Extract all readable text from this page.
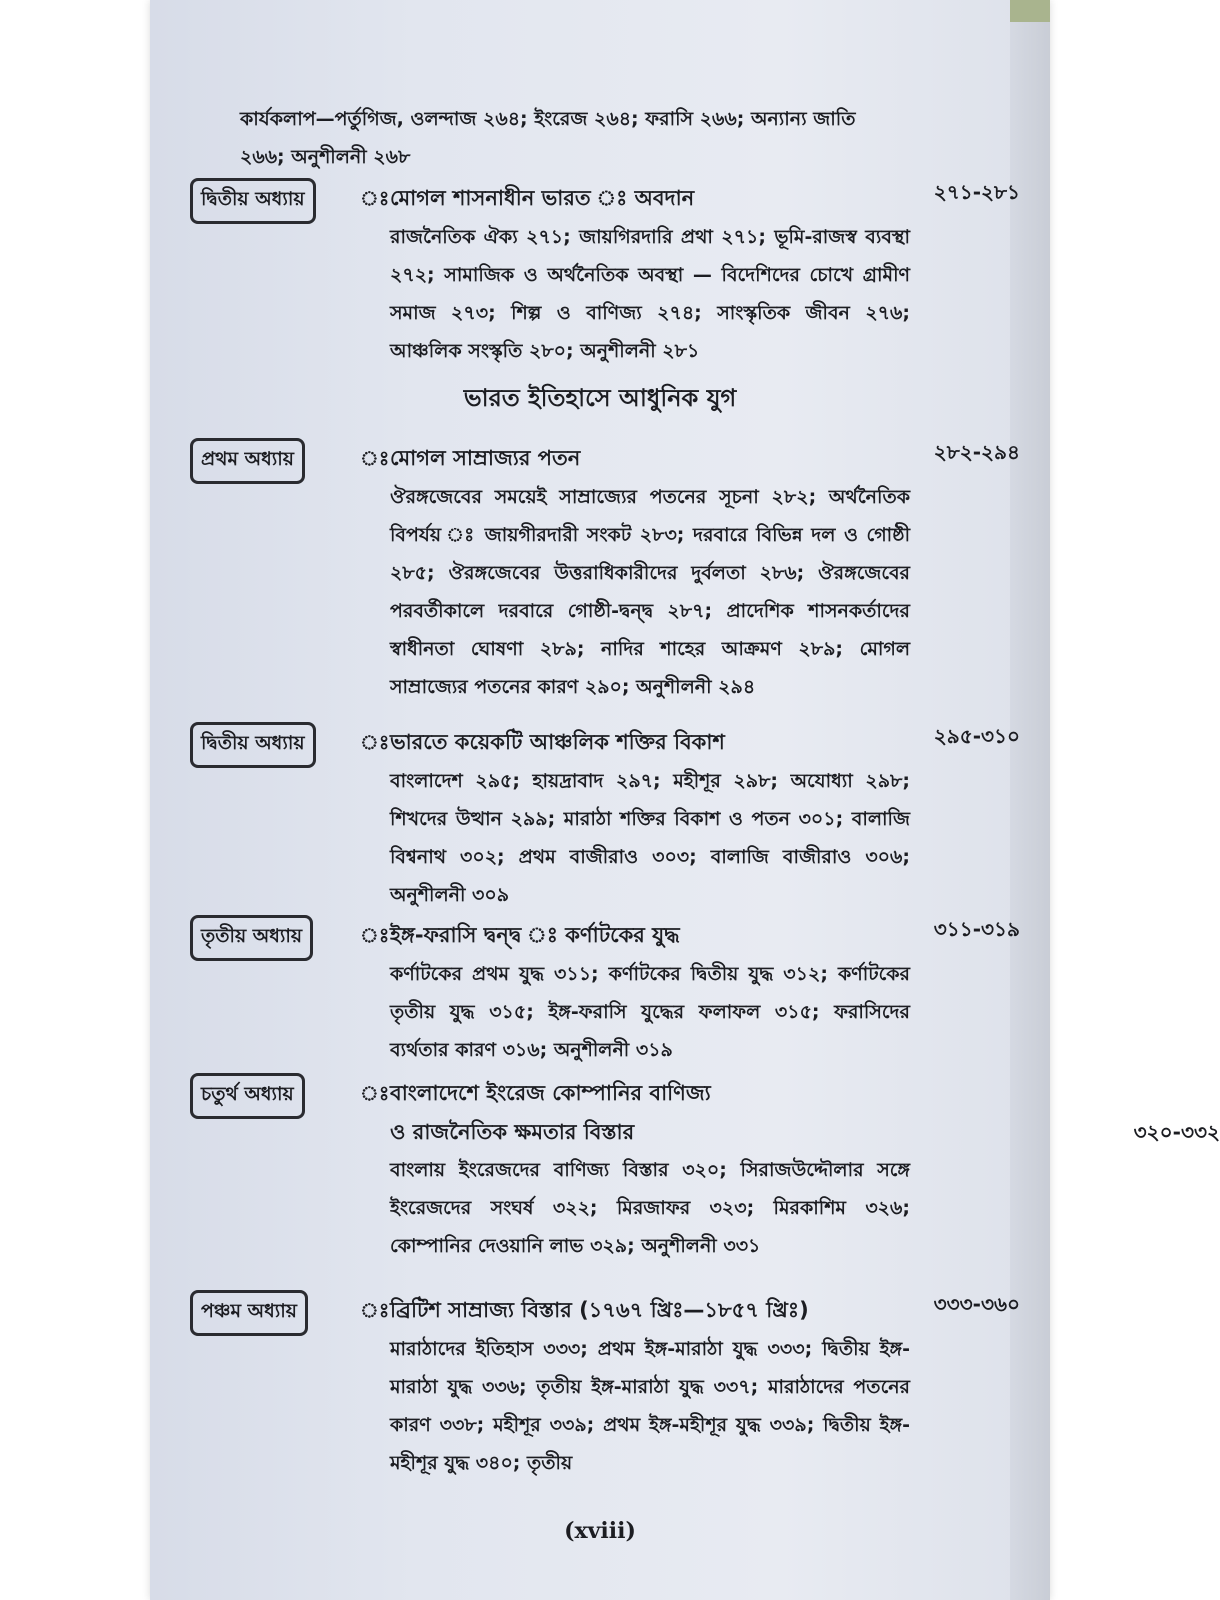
কার্যকলাপ—পর্তুগিজ, ওলন্দাজ ২৬৪; ইংরেজ ২৬৪; ফরাসি ২৬৬; অন্যান্য জাতি ২৬৬; অনুশীলনী ২৬৮
দ্বিতীয় অধ্যায়	ঃ মোগল শাসনাধীন ভারত ঃ অবদান	২৭১-২৮১
রাজনৈতিক ঐক্য ২৭১; জায়গিরদারি প্রথা ২৭১; ভূমি-রাজস্ব ব্যবস্থা ২৭২; সামাজিক ও অর্থনৈতিক অবস্থা — বিদেশিদের চোখে গ্রামীণ সমাজ ২৭৩; শিল্প ও বাণিজ্য ২৭৪; সাংস্কৃতিক জীবন ২৭৬; আঞ্চলিক সংস্কৃতি ২৮০; অনুশীলনী ২৮১
ভারত ইতিহাসে আধুনিক যুগ
প্রথম অধ্যায়	ঃ মোগল সাম্রাজ্যর পতন	২৮২-২৯৪
ঔরঙ্গজেবের সময়েই সাম্রাজ্যের পতনের সূচনা ২৮২; অর্থনৈতিক বিপর্যয় ঃ জায়গীরদারী সংকট ২৮৩; দরবারে বিভিন্ন দল ও গোষ্ঠী ২৮৫; ঔরঙ্গজেবের উত্তরাধিকারীদের দুর্বলতা ২৮৬; ঔরঙ্গজেবের পরবর্তীকালে দরবারে গোষ্ঠী-দ্বন্দ্ব ২৮৭; প্রাদেশিক শাসনকর্তাদের স্বাধীনতা ঘোষণা ২৮৯; নাদির শাহের আক্রমণ ২৮৯; মোগল সাম্রাজ্যের পতনের কারণ ২৯০; অনুশীলনী ২৯৪
দ্বিতীয় অধ্যায়	ঃ ভারতে কয়েকটি আঞ্চলিক শক্তির বিকাশ	২৯৫-৩১০
বাংলাদেশ ২৯৫; হায়দ্রাবাদ ২৯৭; মহীশূর ২৯৮; অযোধ্যা ২৯৮; শিখদের উত্থান ২৯৯; মারাঠা শক্তির বিকাশ ও পতন ৩০১; বালাজি বিশ্বনাথ ৩০২; প্রথম বাজীরাও ৩০৩; বালাজি বাজীরাও ৩০৬; অনুশীলনী ৩০৯
তৃতীয় অধ্যায়	ঃ ইঙ্গ-ফরাসি দ্বন্দ্ব ঃ কর্ণাটকের যুদ্ধ	৩১১-৩১৯
কর্ণাটকের প্রথম যুদ্ধ ৩১১; কর্ণাটকের দ্বিতীয় যুদ্ধ ৩১২; কর্ণাটকের তৃতীয় যুদ্ধ ৩১৫; ইঙ্গ-ফরাসি যুদ্ধের ফলাফল ৩১৫; ফরাসিদের ব্যর্থতার কারণ ৩১৬; অনুশীলনী ৩১৯
চতুর্থ অধ্যায়	ঃ বাংলাদেশে ইংরেজ কোম্পানির বাণিজ্য
ও রাজনৈতিক ক্ষমতার বিস্তার	৩২০-৩৩২
বাংলায় ইংরেজদের বাণিজ্য বিস্তার ৩২০; সিরাজউদ্দৌলার সঙ্গে ইংরেজদের সংঘর্ষ ৩২২; মিরজাফর ৩২৩; মিরকাশিম ৩২৬; কোম্পানির দেওয়ানি লাভ ৩২৯; অনুশীলনী ৩৩১
পঞ্চম অধ্যায়	ঃ ব্রিটিশ সাম্রাজ্য বিস্তার (১৭৬৭ খ্রিঃ—১৮৫৭ খ্রিঃ)	৩৩৩-৩৬০
মারাঠাদের ইতিহাস ৩৩৩; প্রথম ইঙ্গ-মারাঠা যুদ্ধ ৩৩৩; দ্বিতীয় ইঙ্গ-মারাঠা যুদ্ধ ৩৩৬; তৃতীয় ইঙ্গ-মারাঠা যুদ্ধ ৩৩৭; মারাঠাদের পতনের কারণ ৩৩৮; মহীশূর ৩৩৯; প্রথম ইঙ্গ-মহীশূর যুদ্ধ ৩৩৯; দ্বিতীয় ইঙ্গ-মহীশূর যুদ্ধ ৩৪০; তৃতীয়
(xviii)
